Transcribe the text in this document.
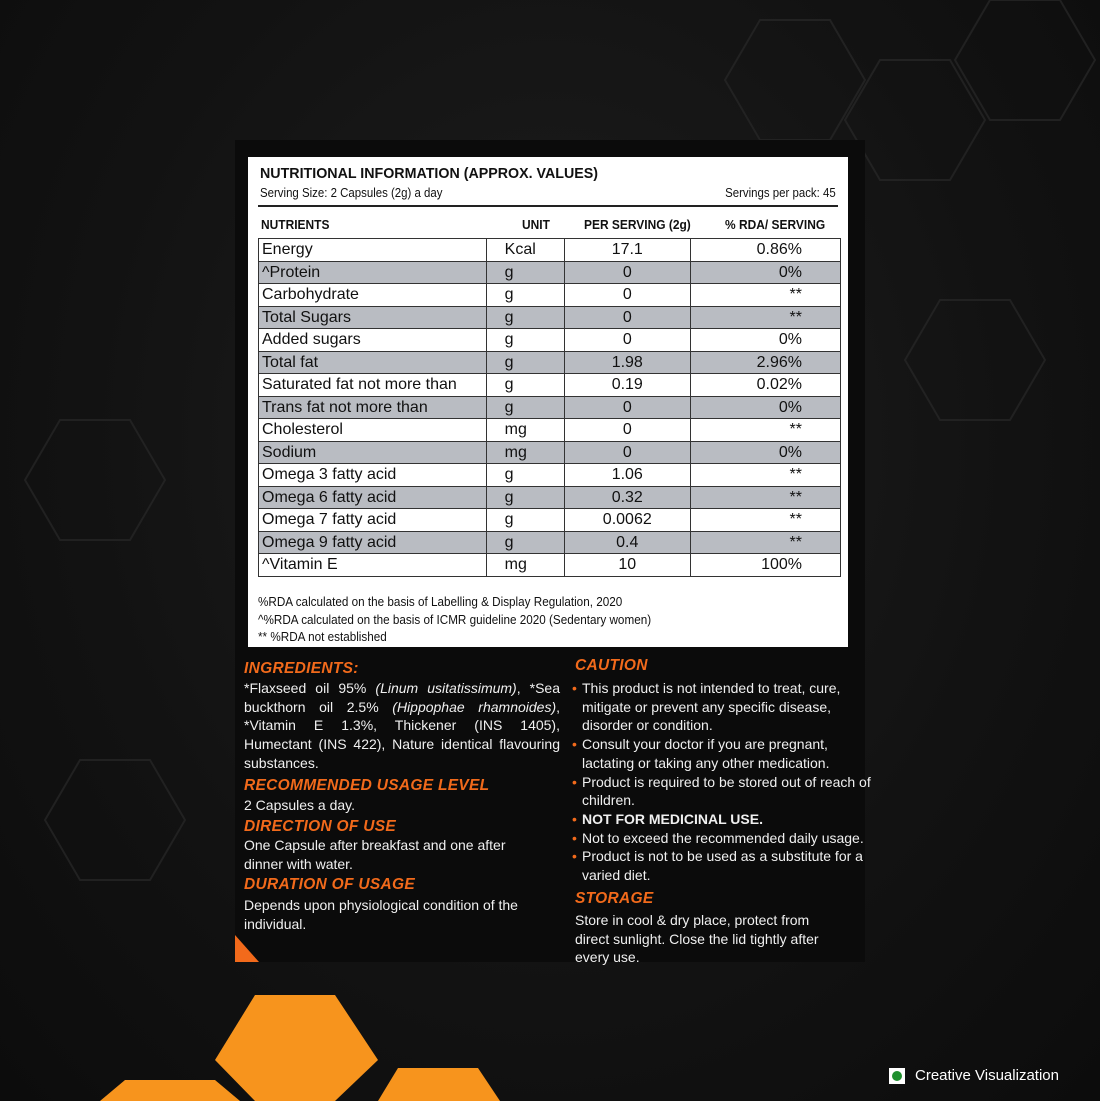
NUTRITIONAL INFORMATION (APPROX. VALUES)
Serving Size: 2 Capsules (2g) a day	Servings per pack: 45
NUTRIENTS	UNIT	PER SERVING (2g)	% RDA/ SERVING
Energy	Kcal	17.1	0.86%
^Protein	g	0	0%
Carbohydrate	g	0	**
Total Sugars	g	0	**
Added sugars	g	0	0%
Total fat	g	1.98	2.96%
Saturated fat not more than	g	0.19	0.02%
Trans fat not more than	g	0	0%
Cholesterol	mg	0	**
Sodium	mg	0	0%
Omega 3 fatty acid	g	1.06	**
Omega 6 fatty acid	g	0.32	**
Omega 7 fatty acid	g	0.0062	**
Omega 9 fatty acid	g	0.4	**
^Vitamin E	mg	10	100%
%RDA calculated on the basis of Labelling & Display Regulation, 2020
^%RDA calculated on the basis of ICMR guideline 2020 (Sedentary women)
** %RDA not established
INGREDIENTS:
*Flaxseed oil 95% (Linum usitatissimum), *Sea buckthorn oil 2.5% (Hippophae rhamnoides), *Vitamin E 1.3%, Thickener (INS 1405), Humectant (INS 422), Nature identical flavouring substances.
RECOMMENDED USAGE LEVEL
2 Capsules a day.
DIRECTION OF USE
One Capsule after breakfast and one after dinner with water.
DURATION OF USAGE
Depends upon physiological condition of the individual.
CAUTION
• This product is not intended to treat, cure, mitigate or prevent any specific disease, disorder or condition.
• Consult your doctor if you are pregnant, lactating or taking any other medication.
• Product is required to be stored out of reach of children.
• NOT FOR MEDICINAL USE.
• Not to exceed the recommended daily usage.
• Product is not to be used as a substitute for a varied diet.
STORAGE
Store in cool & dry place, protect from direct sunlight. Close the lid tightly after every use.
Creative Visualization
